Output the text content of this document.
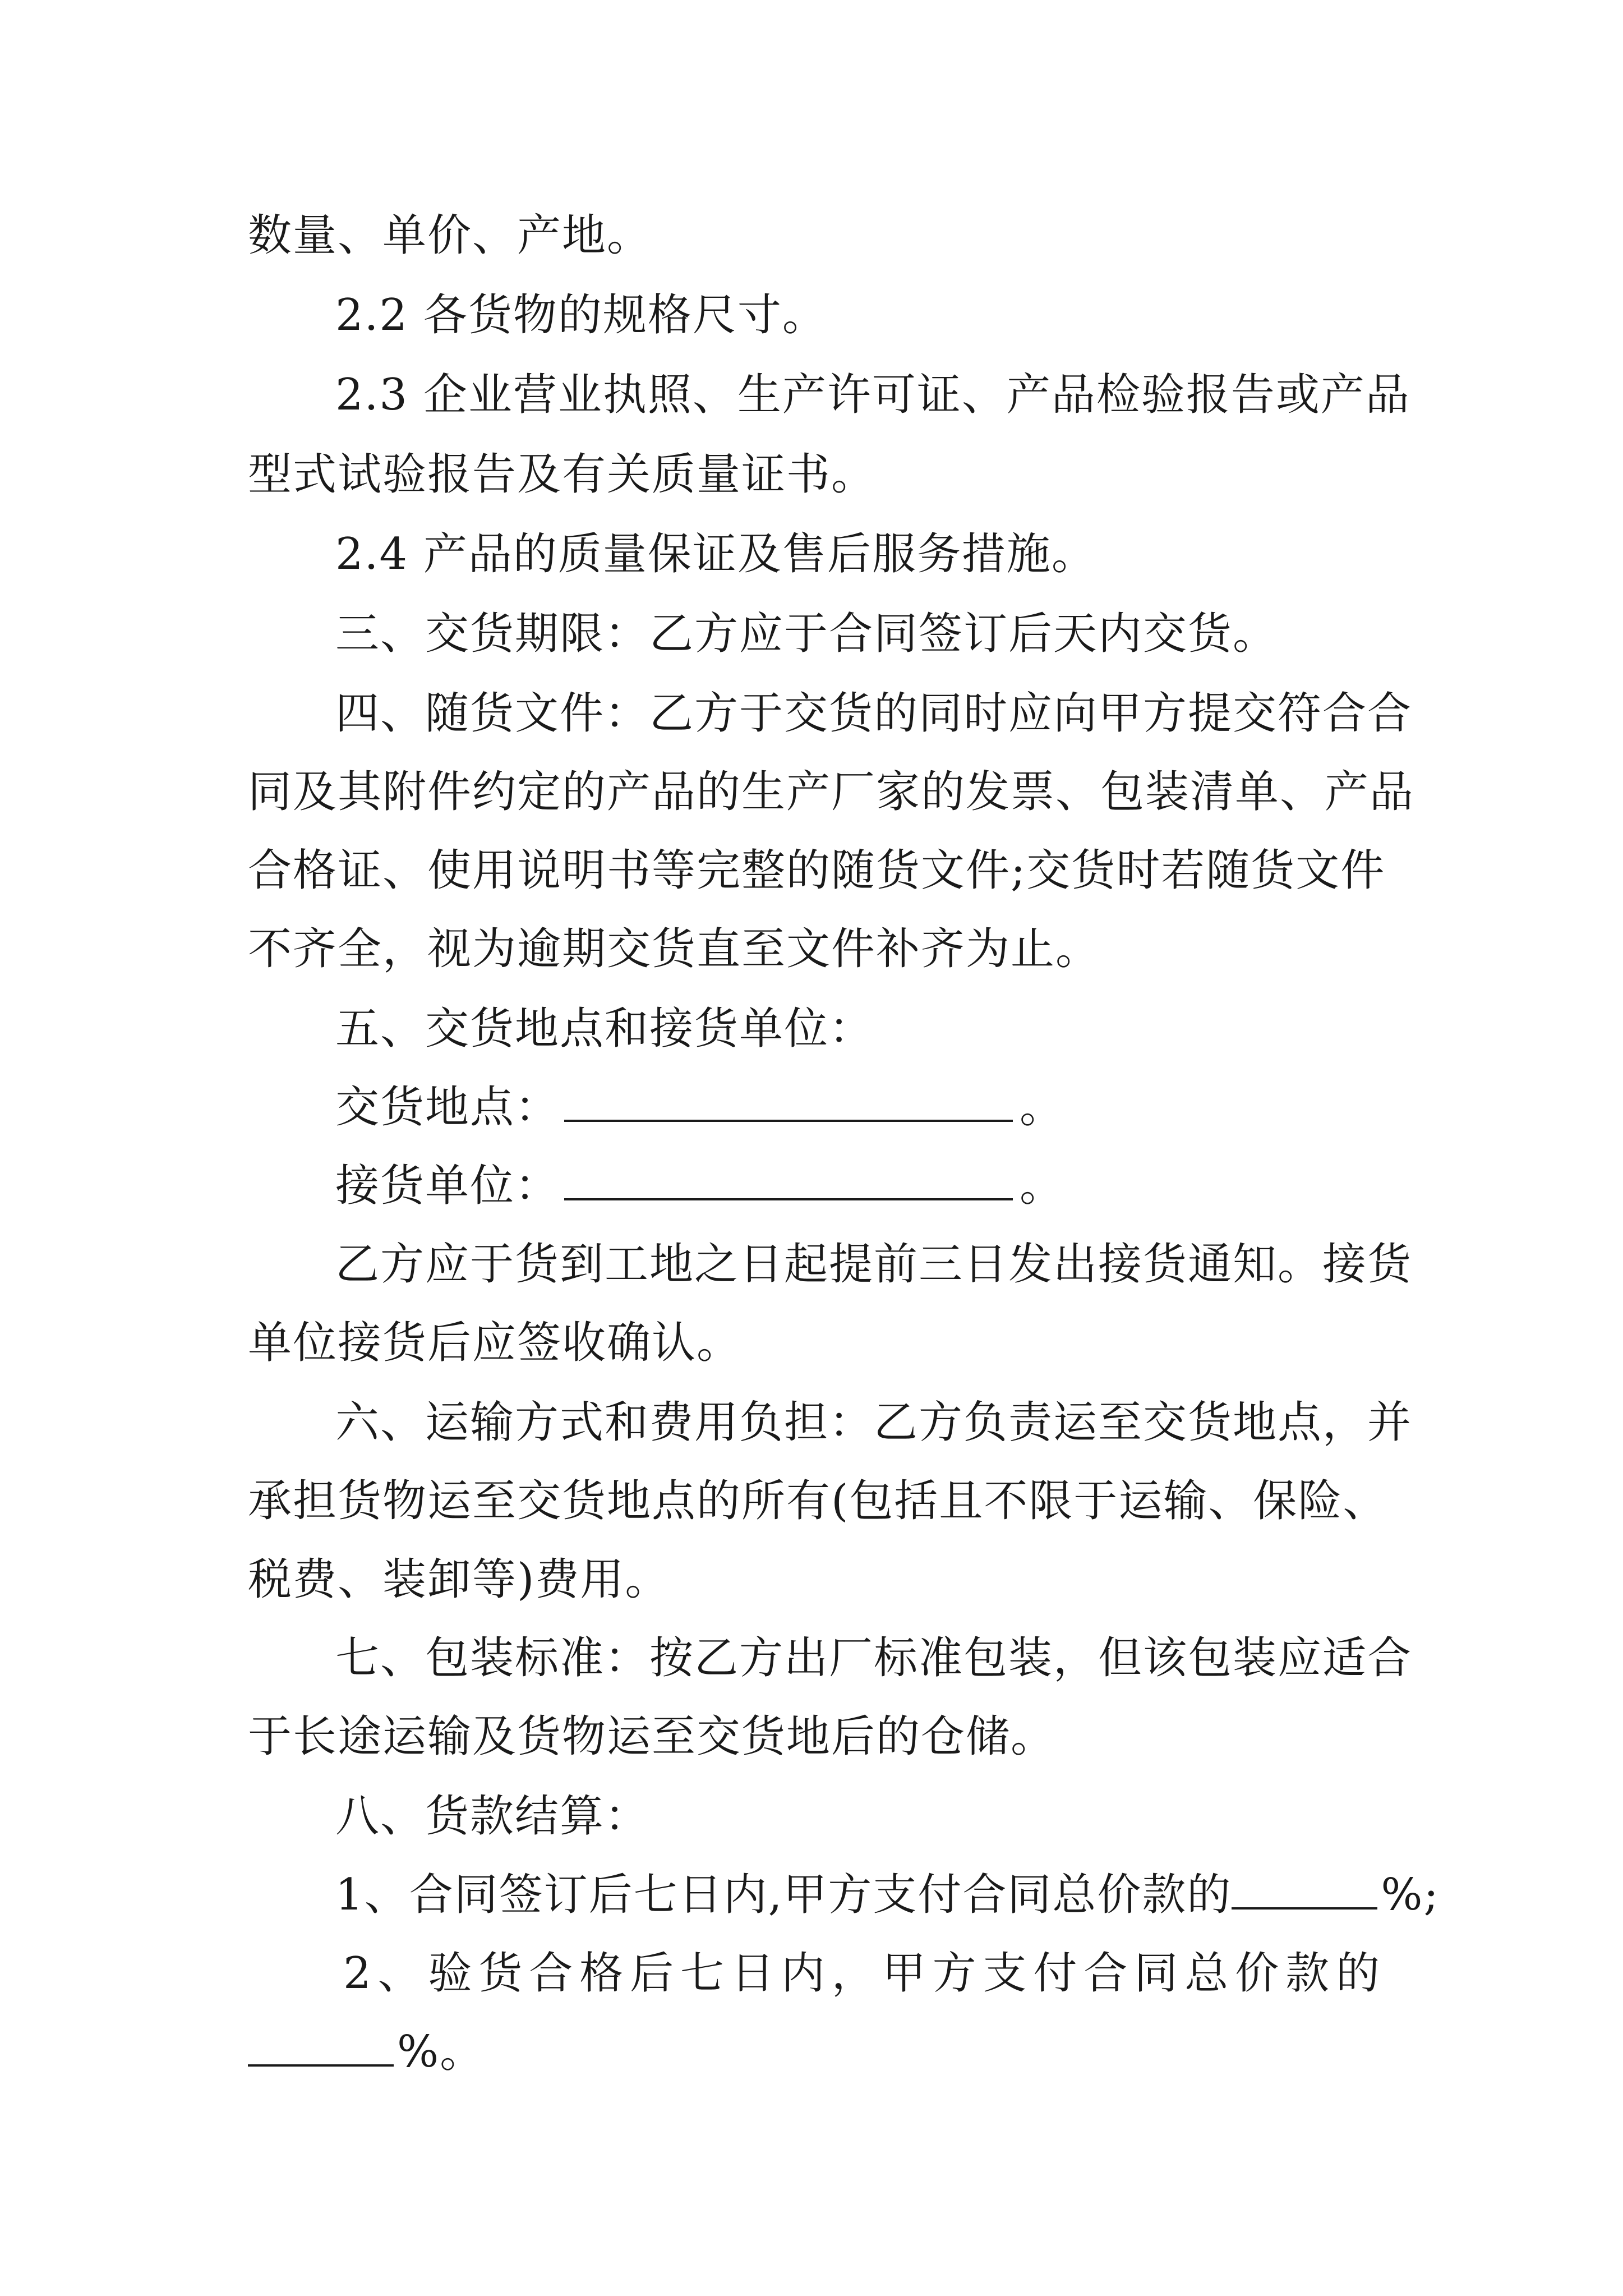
数量、单价、产地。
2.2 各货物的规格尺寸。
2.3 企业营业执照、生产许可证、产品检验报告或产品
型式试验报告及有关质量证书。
2.4 产品的质量保证及售后服务措施。
三、交货期限：乙方应于合同签订后天内交货。
四、随货文件：乙方于交货的同时应向甲方提交符合合
同及其附件约定的产品的生产厂家的发票、包装清单、产品
合格证、使用说明书等完整的随货文件;交货时若随货文件
不齐全，视为逾期交货直至文件补齐为止。
五、交货地点和接货单位：
交货地点：	。
接货单位：	。
乙方应于货到工地之日起提前三日发出接货通知。接货
单位接货后应签收确认。
六、运输方式和费用负担：乙方负责运至交货地点，并
承担货物运至交货地点的所有(包括且不限于运输、保险、
税费、装卸等)费用。
七、包装标准：按乙方出厂标准包装，但该包装应适合
于长途运输及货物运至交货地后的仓储。
八、货款结算：
1、合同签订后七日内,甲方支付合同总价款的	%;
2、验货合格后七日内，甲方支付合同总价款的
%。
